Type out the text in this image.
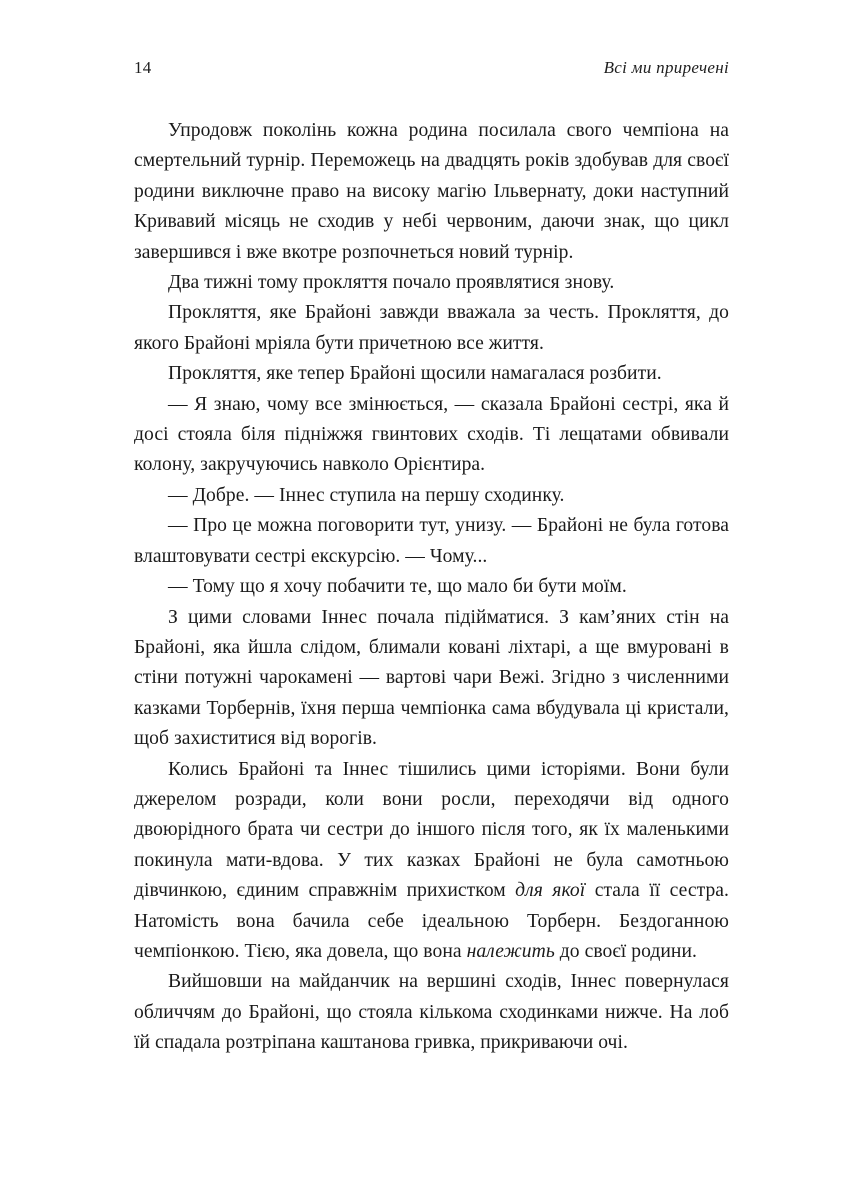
14	Всі ми приречені

Упродовж поколінь кожна родина посилала свого чемпіона на смертельний турнір. Переможець на двадцять років здобував для своєї родини виключне право на високу магію Ільвернату, доки наступний Кривавий місяць не сходив у небі червоним, даючи знак, що цикл завершився і вже вкотре розпочнеться новий турнір.

Два тижні тому прокляття почало проявлятися знову.

Прокляття, яке Брайоні завжди вважала за честь. Прокляття, до якого Брайоні мріяла бути причетною все життя.

Прокляття, яке тепер Брайоні щосили намагалася розбити.

— Я знаю, чому все змінюється, — сказала Брайоні сестрі, яка й досі стояла біля підніжжя гвинтових сходів. Ті лещатами обвивали колону, закручуючись навколо Орієнтира.

— Добре. — Іннес ступила на першу сходинку.

— Про це можна поговорити тут, унизу. — Брайоні не була готова влаштовувати сестрі екскурсію. — Чому...

— Тому що я хочу побачити те, що мало би бути моїм.

З цими словами Іннес почала підійматися. З кам’яних стін на Брайоні, яка йшла слідом, блимали ковані ліхтарі, а ще вмуровані в стіни потужні чарокамені — вартові чари Вежі. Згідно з численними казками Торбернів, їхня перша чемпіонка сама вбудувала ці кристали, щоб захиститися від ворогів.

Колись Брайоні та Іннес тішились цими історіями. Вони були джерелом розради, коли вони росли, переходячи від одного двоюрідного брата чи сестри до іншого після того, як їх маленькими покинула мати-вдова. У тих казках Брайоні не була самотньою дівчинкою, єдиним справжнім прихистком для якої стала її сестра. Натомість вона бачила себе ідеальною Торберн. Бездоганною чемпіонкою. Тією, яка довела, що вона належить до своєї родини.

Вийшовши на майданчик на вершині сходів, Іннес повернулася обличчям до Брайоні, що стояла кількома сходинками нижче. На лоб їй спадала розтріпана каштанова гривка, прикриваючи очі.
